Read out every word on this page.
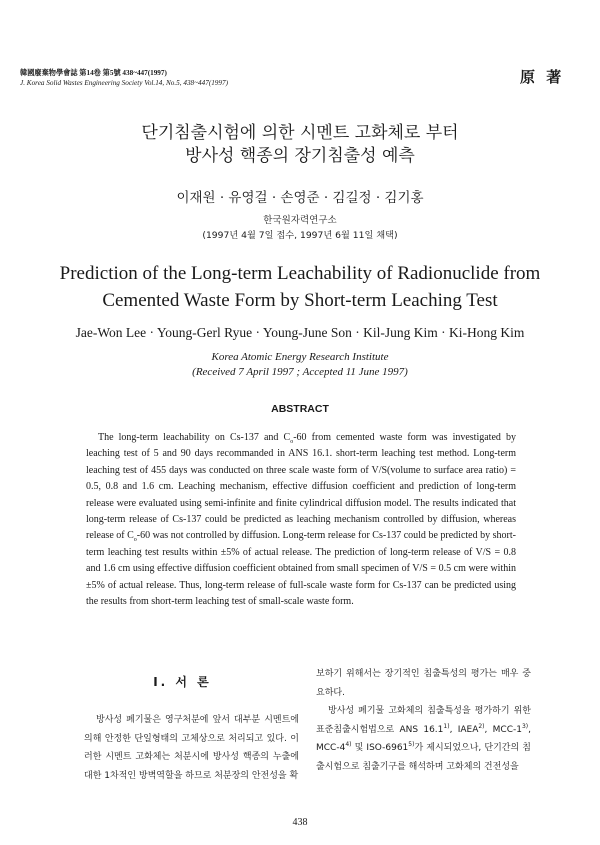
韓國廢棄物學會誌 第14卷 第5號 438~447(1997)
J. Korea Solid Wastes Engineering Society Vol.14, No.5, 438~447(1997)	原 著
단기침출시험에 의한 시멘트 고화체로 부터
방사성 핵종의 장기침출성 예측
이재원 · 유영걸 · 손영준 · 김길정 · 김기홍
한국원자력연구소
(1997년 4월 7일 접수, 1997년 6월 11일 채택)
Prediction of the Long-term Leachability of Radionuclide from
Cemented Waste Form by Short-term Leaching Test
Jae-Won Lee · Young-Gerl Ryue · Young-June Son · Kil-Jung Kim · Ki-Hong Kim
Korea Atomic Energy Research Institute
(Received 7 April 1997 ; Accepted 11 June 1997)
ABSTRACT
The long-term leachability on Cs-137 and $C_o-60$ from cemented waste form was investigated by leaching test of 5 and 90 days recommanded in ANS 16.1. short-term leaching test method. Long-term leaching test of 455 days was conducted on three scale waste form of V/S(volume to surface area ratio) = 0.5, 0.8 and 1.6 cm. Leaching mechanism, effective diffusion coefficient and prediction of long-term release were evaluated using semi-infinite and finite cylindrical diffusion model. The results indicated that long-term release of Cs-137 could be predicted as leaching mechanism controlled by diffusion, whereas release of $C_o-60$ was not controlled by diffusion. Long-term release for Cs-137 could be predicted by short-term leaching test results within ±5% of actual release. The prediction of long-term release of V/S = 0.8 and 1.6 cm using effective diffusion coefficient obtained from small specimen of V/S = 0.5 cm were within ±5% of actual release. Thus, long-term release of full-scale waste form for Cs-137 can be predicted using the results from short-term leaching test of small-scale waste form.
I. 서 론
방사성 폐기물은 영구처분에 앞서 대부분 시멘트에 의해 안정한 단일형태의 고체상으로 처리되고 있다. 이러한 시멘트 고화체는 처분시에 방사성 핵종의 누출에 대한 1차적인 방벽역할을 하므로 처분장의 안전성을 확
보하기 위해서는 장기적인 침출특성의 평가는 매우 중요하다.
방사성 폐기물 고화체의 침출특성을 평가하기 위한 표준침출시험법으로 ANS 16.1$^{1)}$, IAEA$^{2)}$, MCC-1$^{3)}$, MCC-4$^{4)}$ 및 ISO-6961$^{5)}$가 제시되었으나, 단기간의 침출시험으로 침출기구를 해석하며 고화체의 건전성을
438
